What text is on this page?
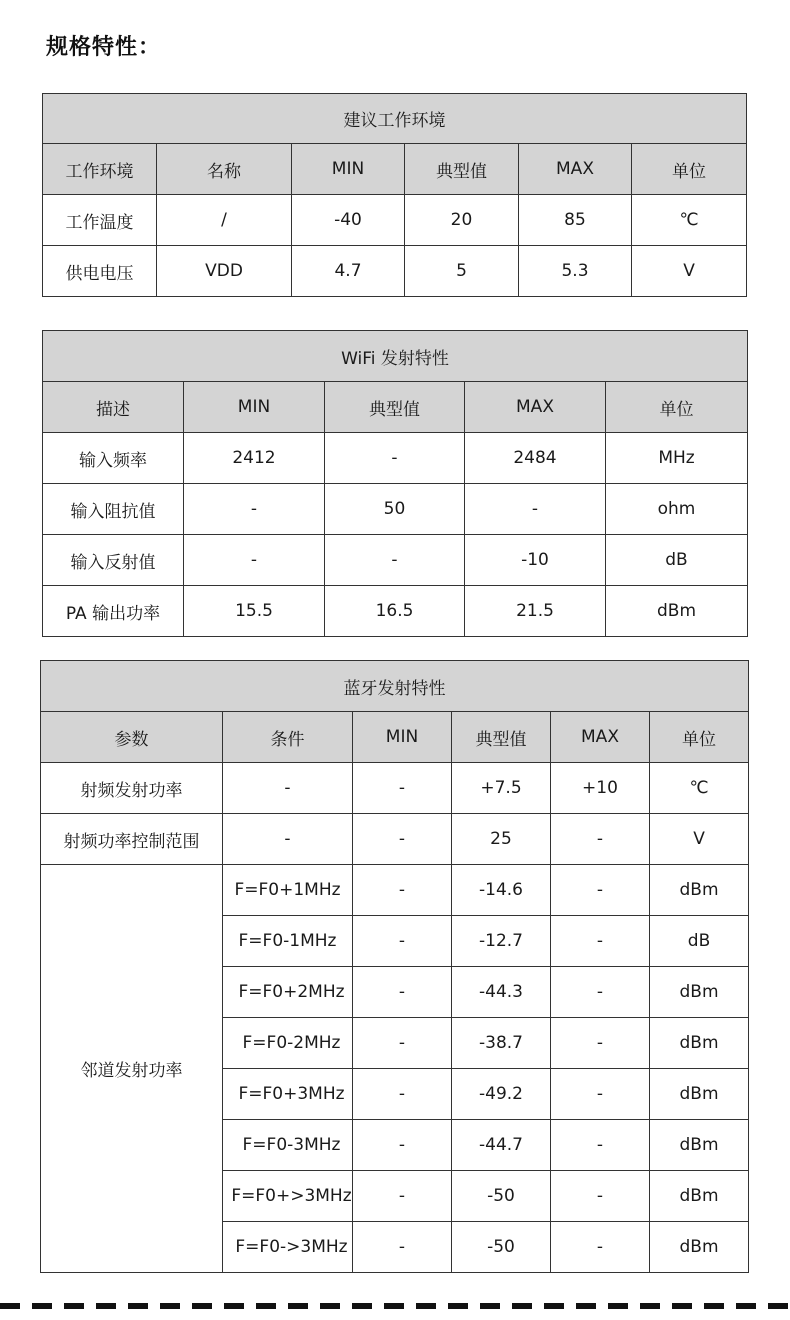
规格特性：
建议工作环境					
工作环境	名称	MIN	典型值	MAX	单位
工作温度	/	-40	20	85	℃
供电电压	VDD	4.7	5	5.3	V
WiFi 发射特性				
描述	MIN	典型值	MAX	单位
输入频率	2412	-	2484	MHz
输入阻抗值	-	50	-	ohm
输入反射值	-	-	-10	dB
PA 输出功率	15.5	16.5	21.5	dBm
蓝牙发射特性					
参数	条件	MIN	典型值	MAX	单位
射频发射功率	-	-	+7.5	+10	℃
射频功率控制范围	-	-	25	-	V
邻道发射功率	F=F0+1MHz	-	-14.6	-	dBm
	F=F0-1MHz	-	-12.7	-	dB
	F=F0+2MHz	-	-44.3	-	dBm
	F=F0-2MHz	-	-38.7	-	dBm
	F=F0+3MHz	-	-49.2	-	dBm
	F=F0-3MHz	-	-44.7	-	dBm
	F=F0+>3MHz	-	-50	-	dBm
	F=F0->3MHz	-	-50	-	dBm
